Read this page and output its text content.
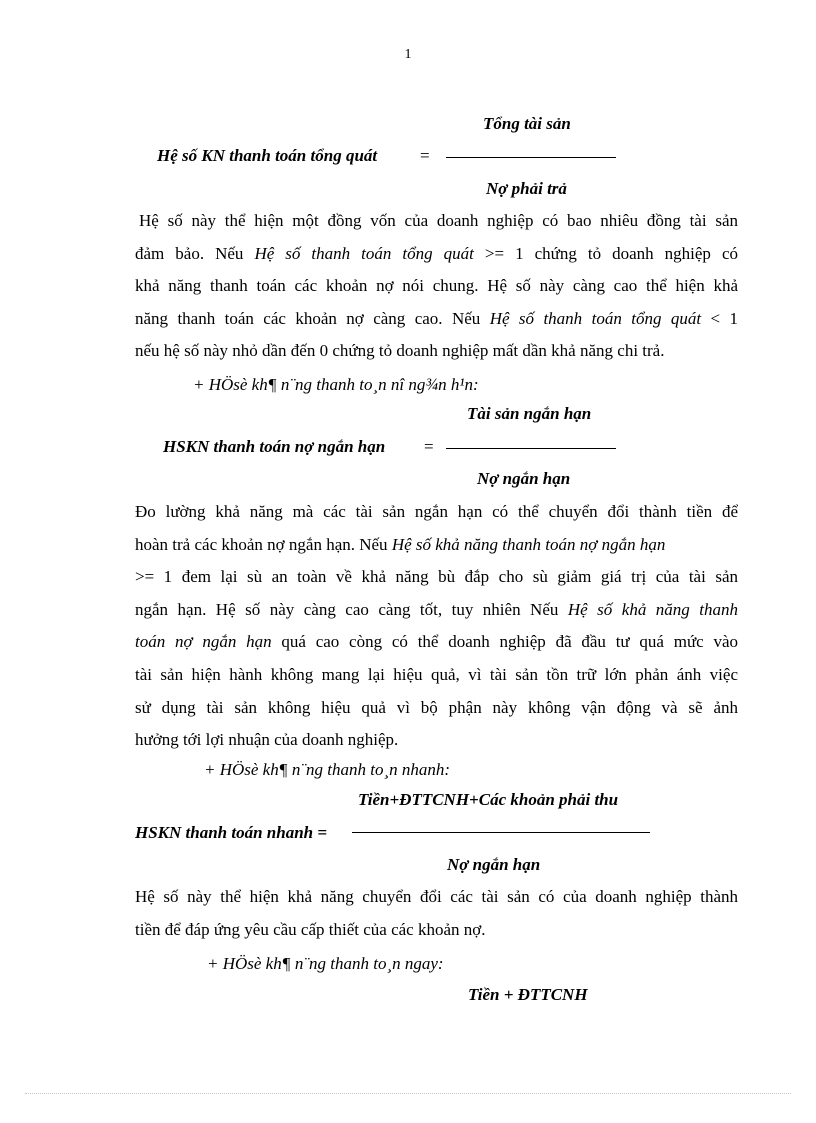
1
Tổng tài sản
Hệ số KN thanh toán tổng quát	=
Nợ phải trả
Hệ số này thể hiện một đồng vốn của doanh nghiệp có bao nhiêu đồng tài sản
đảm bảo. Nếu Hệ số thanh toán tổng quát >= 1 chứng tỏ doanh nghiệp có
khả năng thanh toán các khoản nợ nói chung. Hệ số này càng cao thể hiện khả
năng thanh toán các khoản nợ càng cao. Nếu Hệ số thanh toán tổng quát < 1
nếu hệ số này nhỏ dần đến 0 chứng tỏ doanh nghiệp mất dần khả năng chi trả.
+ HÖsè kh¶ n¨ng thanh to¸n nî ng¾n h¹n:
Tài sản ngắn hạn
HSKN thanh toán nợ ngắn hạn =
Nợ ngắn hạn
Đo lường khả năng mà các tài sản ngắn hạn có thể chuyển đổi thành tiền để
hoàn trả các khoản nợ ngắn hạn. Nếu Hệ số khả năng thanh toán nợ ngắn hạn
>= 1 đem lại sù an toàn về khả năng bù đắp cho sù giảm giá trị của tài sản
ngắn hạn. Hệ số này càng cao càng tốt, tuy nhiên Nếu Hệ số khả năng thanh
toán nợ ngắn hạn quá cao còng có thể doanh nghiệp đã đầu tư quá mức vào
tài sản hiện hành không mang lại hiệu quả, vì tài sản tồn trữ lớn phản ánh việc
sử dụng tài sản không hiệu quả vì bộ phận này không vận động và sẽ ảnh
hưởng tới lợi nhuận của doanh nghiệp.
+ HÖsè kh¶ n¨ng thanh to¸n nhanh:
Tiền+ĐTTCNH+Các khoản phải thu
HSKN thanh toán nhanh =
Nợ ngắn hạn
Hệ số này thể hiện khả năng chuyển đổi các tài sản có của doanh nghiệp thành
tiền để đáp ứng yêu cầu cấp thiết của các khoản nợ.
+ HÖsè kh¶ n¨ng thanh to¸n ngay:
Tiền + ĐTTCNH
